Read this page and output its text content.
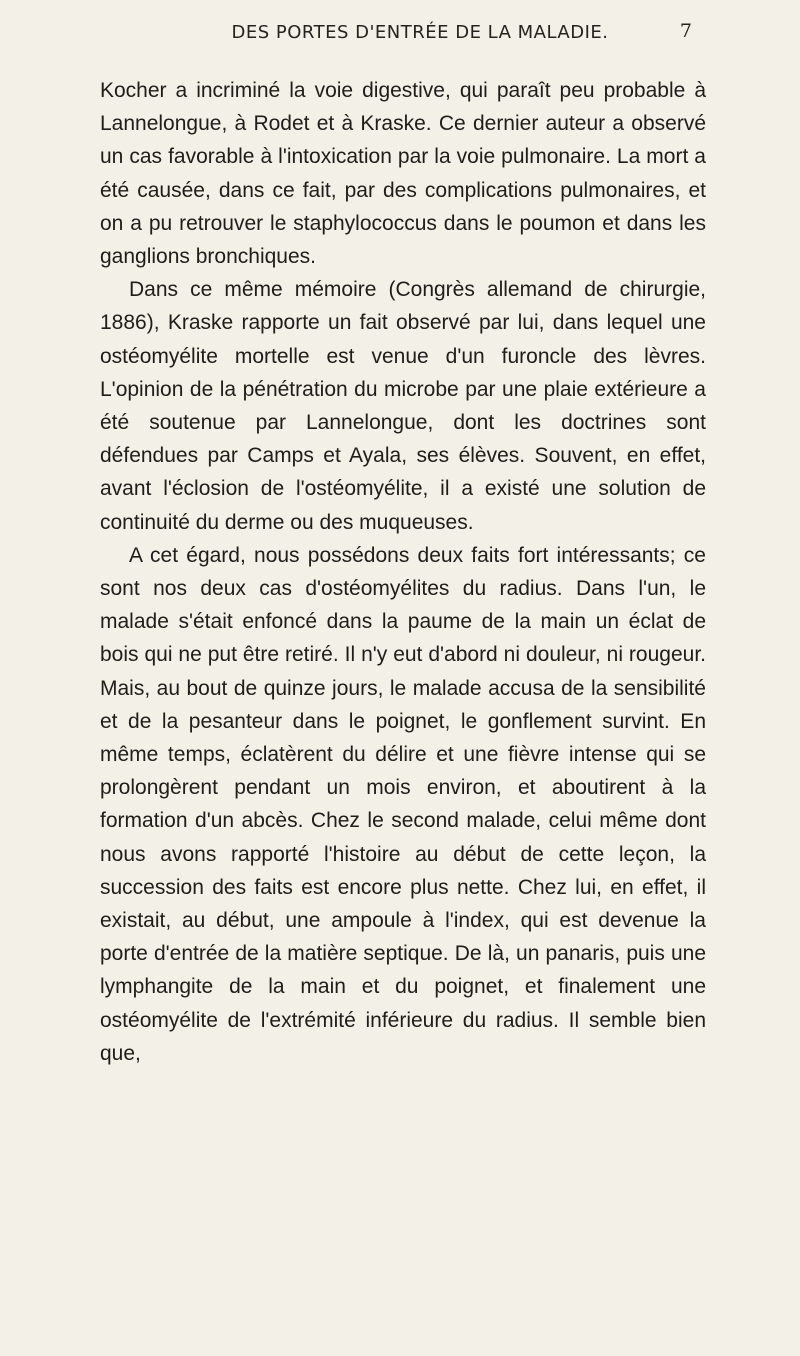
DES PORTES D'ENTRÉE DE LA MALADIE.	7

Kocher a incriminé la voie digestive, qui paraît peu probable à Lannelongue, à Rodet et à Kraske. Ce dernier auteur a observé un cas favorable à l'intoxication par la voie pulmonaire. La mort a été causée, dans ce fait, par des complications pulmonaires, et on a pu retrouver le staphylococcus dans le poumon et dans les ganglions bronchiques.

Dans ce même mémoire (Congrès allemand de chirurgie, 1886), Kraske rapporte un fait observé par lui, dans lequel une ostéomyélite mortelle est venue d'un furoncle des lèvres. L'opinion de la pénétration du microbe par une plaie extérieure a été soutenue par Lannelongue, dont les doctrines sont défendues par Camps et Ayala, ses élèves. Souvent, en effet, avant l'éclosion de l'ostéomyélite, il a existé une solution de continuité du derme ou des muqueuses.

A cet égard, nous possédons deux faits fort intéressants; ce sont nos deux cas d'ostéomyélites du radius. Dans l'un, le malade s'était enfoncé dans la paume de la main un éclat de bois qui ne put être retiré. Il n'y eut d'abord ni douleur, ni rougeur. Mais, au bout de quinze jours, le malade accusa de la sensibilité et de la pesanteur dans le poignet, le gonflement survint. En même temps, éclatèrent du délire et une fièvre intense qui se prolongèrent pendant un mois environ, et aboutirent à la formation d'un abcès. Chez le second malade, celui même dont nous avons rapporté l'histoire au début de cette leçon, la succession des faits est encore plus nette. Chez lui, en effet, il existait, au début, une ampoule à l'index, qui est devenue la porte d'entrée de la matière septique. De là, un panaris, puis une lymphangite de la main et du poignet, et finalement une ostéomyélite de l'extrémité inférieure du radius. Il semble bien que,
